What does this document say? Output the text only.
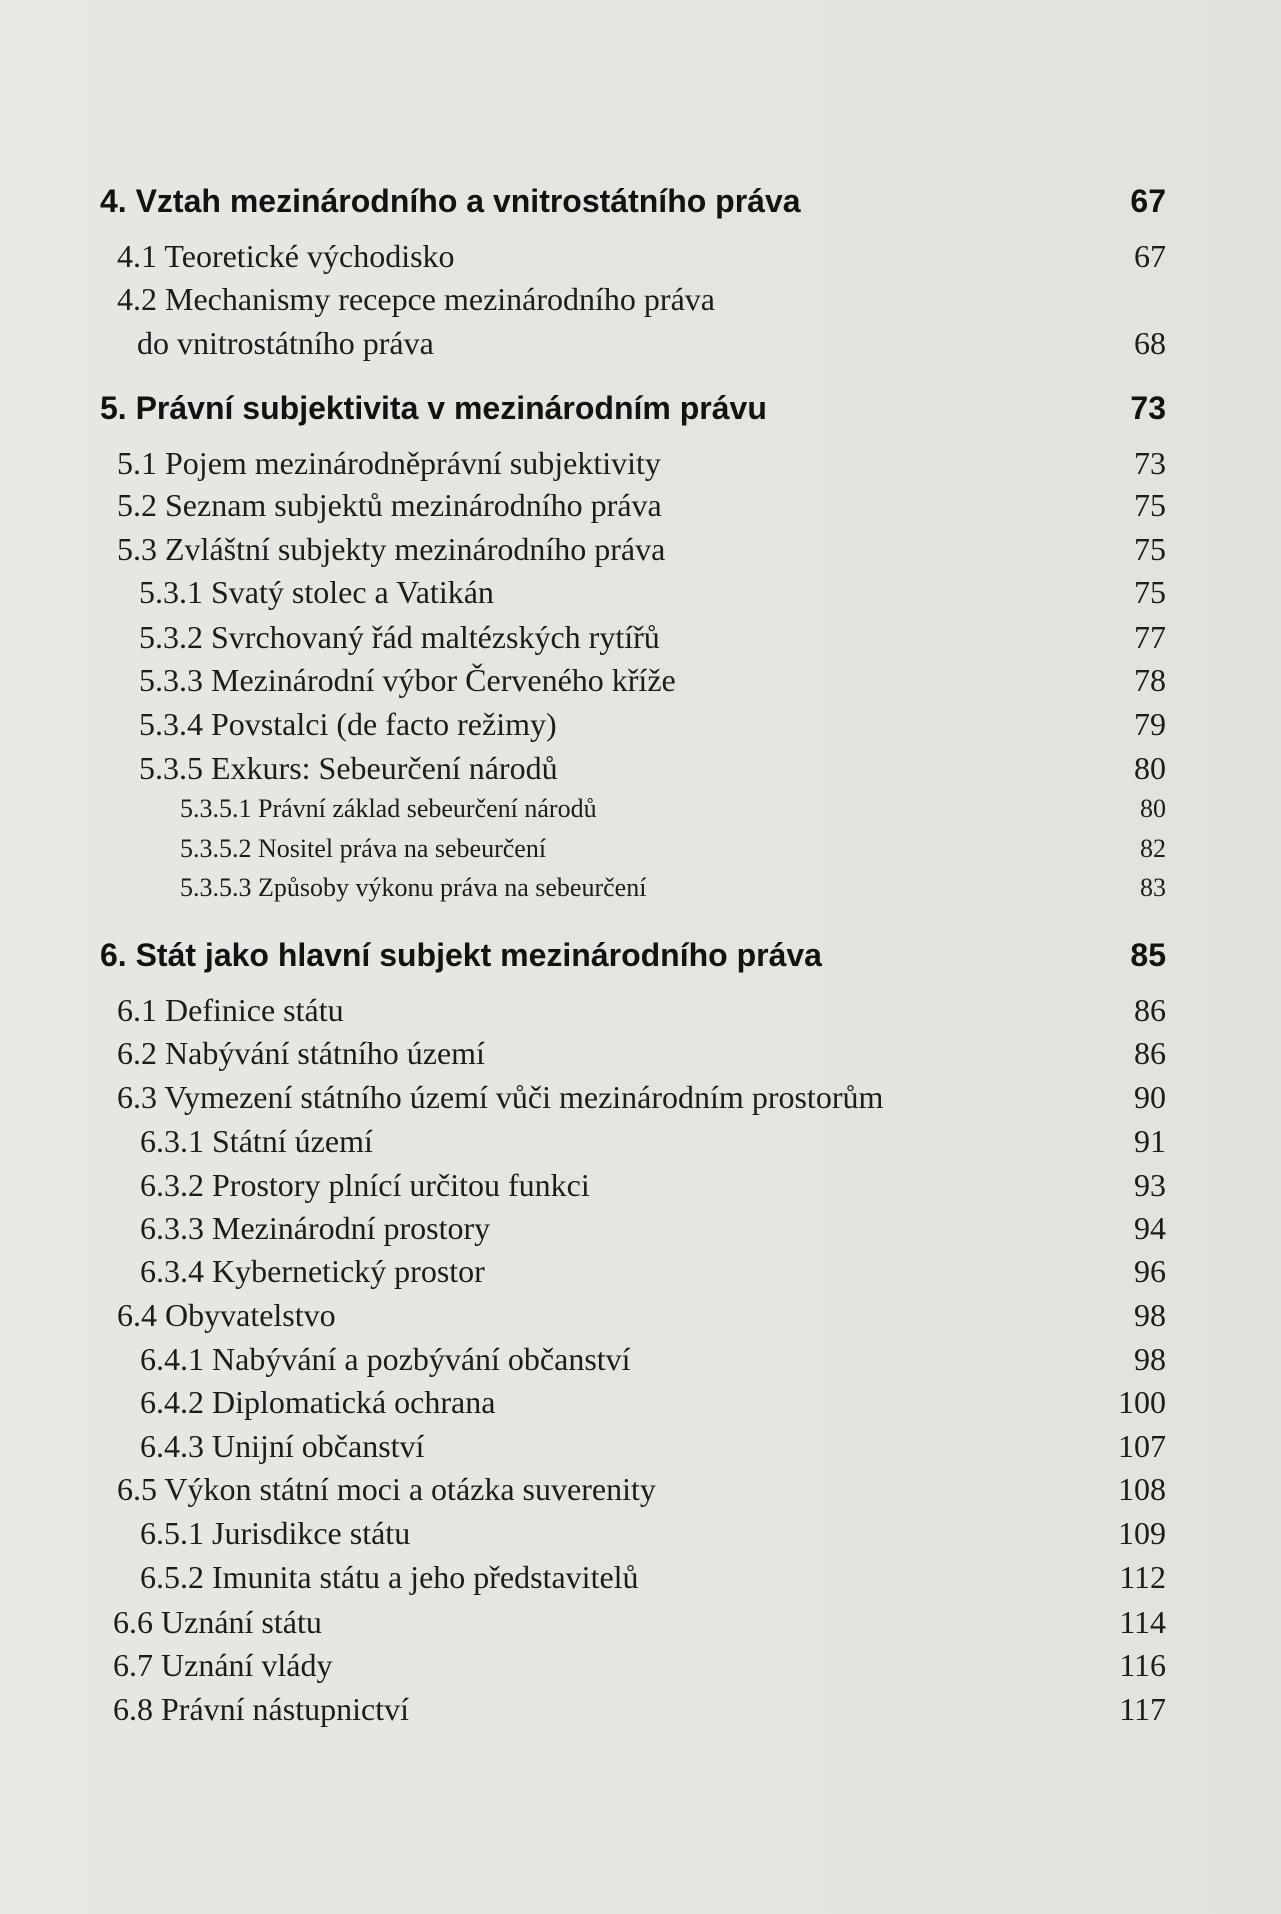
4. Vztah mezinárodního a vnitrostátního práva	67
4.1 Teoretické východisko	67
4.2 Mechanismy recepce mezinárodního práva
do vnitrostátního práva	68
5. Právní subjektivita v mezinárodním právu	73
5.1 Pojem mezinárodněprávní subjektivity	73
5.2 Seznam subjektů mezinárodního práva	75
5.3 Zvláštní subjekty mezinárodního práva	75
5.3.1 Svatý stolec a Vatikán	75
5.3.2 Svrchovaný řád maltézských rytířů	77
5.3.3 Mezinárodní výbor Červeného kříže	78
5.3.4 Povstalci (de facto režimy)	79
5.3.5 Exkurs: Sebeurčení národů	80
5.3.5.1 Právní základ sebeurčení národů	80
5.3.5.2 Nositel práva na sebeurčení	82
5.3.5.3 Způsoby výkonu práva na sebeurčení	83
6. Stát jako hlavní subjekt mezinárodního práva	85
6.1 Definice státu	86
6.2 Nabývání státního území	86
6.3 Vymezení státního území vůči mezinárodním prostorům	90
6.3.1 Státní území	91
6.3.2 Prostory plnící určitou funkci	93
6.3.3 Mezinárodní prostory	94
6.3.4 Kybernetický prostor	96
6.4 Obyvatelstvo	98
6.4.1 Nabývání a pozbývání občanství	98
6.4.2 Diplomatická ochrana	100
6.4.3 Unijní občanství	107
6.5 Výkon státní moci a otázka suverenity	108
6.5.1 Jurisdikce státu	109
6.5.2 Imunita státu a jeho představitelů	112
6.6 Uznání státu	114
6.7 Uznání vlády	116
6.8 Právní nástupnictví	117
